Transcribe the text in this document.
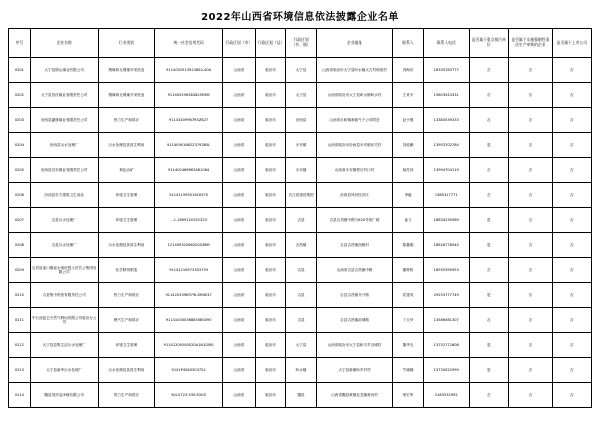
2022年山西省环境信息依法披露企业名单
序号	企业名称	行业类别	统一社会信用代码	行政区划（市）	行政区划（县）	行政区划（乡、镇）	企业地址	联系人	联系人电话	是否属于重点排污单位	是否属于实施强制性清洁生产审核的企业	是否属于上市公司
0201	大宁县烟山煤业有限公司	烟煤和无烟煤开采洗选	91140529139238S0-40A	山西省	临汾市	大宁县	山西省临汾市大宁县昕水镇太古村坡底村	刘海庆	18335763777	否	否	否
0202	大宁县晋沃煤业有限责任公司	烟煤和无烟煤开采洗选	911405296383825E6M	山西省	临汾市	大宁县	山西省临汾市大宁县昕水镇昕水村	王来平	15603543331	否	否	否
0203	汾西县潞康煤业有限责任公司	热力生产和供应	91133409967R5ZB27	山西省	临汾市	汾西县	山西省永和镇承载气个公司附近	赵小强	13383539333	否	否	否
0204	汾西县污水处理厂	污水处理及其再生利用	911409016622379385L	山西省	临汾市	永安镇	山西省临汾市汾西县永安镇东关村	刘爱鹏	13953702784	是	否	否
0205	汾西县宜东煤业有限责任公司	黄色冶矿	911402468963461064	山西省	临汾市	永安镇	山西省永安镇铁石村口村	郝苏伟	13994704119	否	否	否
0206	汾西县东方建筑卫生用品	环境卫生管理	91141199551616370	山西省	临汾市	长江常建设集团	汾西县风河经济区	李毅	1385317771	否	否	否
0207	吉县污水处理厂	环境卫生管理	...1.1699120352323	山西省	临汾市	吉县	吉县吉昌镇中路与620号纸厂路	崔义	18834230569	是	否	否
0208	吉县污水处理厂	污水处理及其再生利用	12140932566320038M	山西省	临汾市	吉昌镇	吉县吉昌镇西侧村	陈鑫刚	18626778040	是	否	否
0209	吉昌县壶口镇壶水氧化镁人民共公集团有限公司	化学制剂制造	91141216573303793	山西省	临汾市	吉县	山西省吉县吉昌镇中路	董栋栋	18935399453	否	否	否
0210	吉县集中供热有限责任公司	热力生产和供应	911420339K979L3M4E47	山西省	临汾市	吉县	吉县吉昌镇开兴路	武建英	29253777749	是	否	否
0211	中石油昆仑天然气利用有限公司临汾分公司	燃气生产和供应	91141000036885080090	山西省	临汾市	吉县	吉县吉昌镇前城路	丁大华	13586581307	否	否	否
0212	大宁县县集生活污水处理厂	环境卫生管理	91141209200520A1N1GM0	山西省	临汾市	大宁县	山西省临汾市大宁县和平乡谷城村	董华光	13752772608	是	否	否
0213	大宁县新华污水处理厂	污水处理及其再生利用	9141P4563303722	山西省	临汾市	昕水镇	大宁县新镇昕乡村村	牛晓娜	13734522999	是	否	否
0214	隰县昊祥洁净煤有限公司	热力生产和供应	9J4.0723.539.83GS	山西省	临汾市	隰县	山西省隰县黄镇北龙镇黄河村	窦宏军	2183532992	否	否	否
